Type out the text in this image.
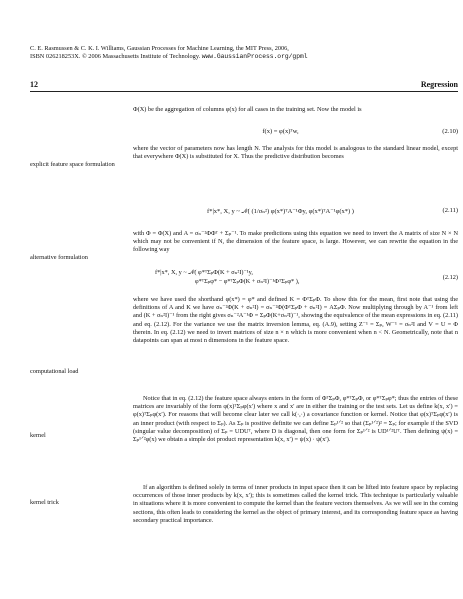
C. E. Rasmussen & C. K. I. Williams, Gaussian Processes for Machine Learning, the MIT Press, 2006,
ISBN 026218253X. © 2006 Massachusetts Institute of Technology. www.GaussianProcess.org/gpml
12	Regression

Φ(X) be the aggregation of columns φ(x) for all cases in the training set. Now the model is

f(x) = φ(x)ᵀw,	(2.10)

where the vector of parameters now has length N. The analysis for this model is analogous to the standard linear model, except that everywhere Φ(X) is substituted for X. Thus the predictive distribution becomes

explicit feature space formulation
f*|x*, X, y ~ 𝒩( (1/σₙ²) φ(x*)ᵀA⁻¹Φy, φ(x*)ᵀA⁻¹φ(x*) )	(2.11)

with Φ = Φ(X) and A = σₙ⁻²ΦΦᵀ + Σₚ⁻¹. To make predictions using this equation we need to invert the A matrix of size N × N which may not be convenient if N, the dimension of the feature space, is large. However, we can rewrite the equation in the following way

alternative formulation
f*|x*, X, y ~ 𝒩( φ*ᵀΣₚΦ(K + σₙ²I)⁻¹y,
φ*ᵀΣₚφ* − φ*ᵀΣₚΦ(K + σₙ²I)⁻¹ΦᵀΣₚφ* ),
(2.12)

where we have used the shorthand φ(x*) = φ* and defined K = ΦᵀΣₚΦ. To show this for the mean, first note that using the definitions of A and K we have σₙ⁻²Φ(K + σₙ²I) = σₙ⁻²Φ(ΦᵀΣₚΦ + σₙ²I) = AΣₚΦ. Now multiplying through by A⁻¹ from left and (K + σₙ²I)⁻¹ from the right gives σₙ⁻²A⁻¹Φ = ΣₚΦ(K+σₙ²I)⁻¹, showing the equivalence of the mean expressions in eq. (2.11) and eq. (2.12). For the variance we use the matrix inversion lemma, eq. (A.9), setting Z⁻¹ = Σₚ, W⁻¹ = σₙ²I and V = U = Φ therein. In eq. (2.12) we need to invert matrices of size n × n which is more convenient when n < N. Geometrically, note that n datapoints can span at most n dimensions in the feature space.

computational load

Notice that in eq. (2.12) the feature space always enters in the form of ΦᵀΣₚΦ, φ*ᵀΣₚΦ, or φ*ᵀΣₚφ*; thus the entries of these matrices are invariably of the form φ(x)ᵀΣₚφ(x′) where x and x′ are in either the training or the test sets. Let us define k(x, x′) = φ(x)ᵀΣₚφ(x′). For reasons that will become clear later we call k(·,·) a covariance function or kernel. Notice that φ(x)ᵀΣₚφ(x′) is an inner product (with respect to Σₚ). As Σₚ is positive definite we can define Σₚ¹ᐟ² so that (Σₚ¹ᐟ²)² = Σₚ; for example if the SVD (singular value decomposition) of Σₚ = UDUᵀ, where D is diagonal, then one form for Σₚ¹ᐟ² is UD¹ᐟ²Uᵀ. Then defining ψ(x) = Σₚ¹ᐟ²φ(x) we obtain a simple dot product representation k(x, x′) = ψ(x) · ψ(x′).

kernel

If an algorithm is defined solely in terms of inner products in input space then it can be lifted into feature space by replacing occurrences of those inner products by k(x, x′); this is sometimes called the kernel trick. This technique is particularly valuable in situations where it is more convenient to compute the kernel than the feature vectors themselves. As we will see in the coming sections, this often leads to considering the kernel as the object of primary interest, and its corresponding feature space as having secondary practical importance.

kernel trick
